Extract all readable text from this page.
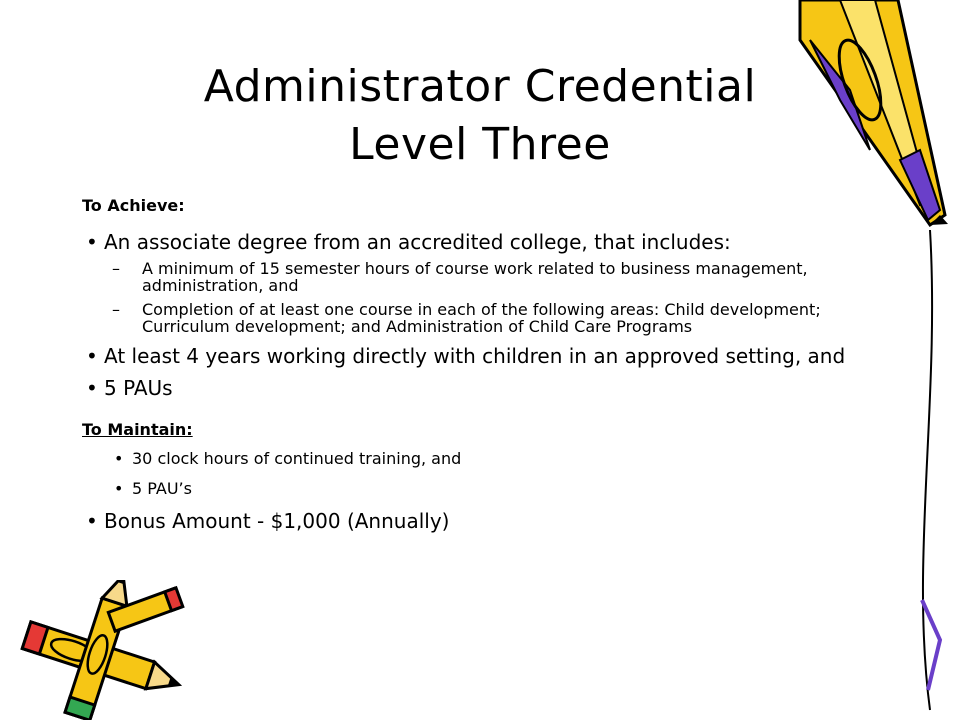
Administrator Credential
Level Three
To Achieve:
• An associate degree from an accredited college, that includes:
– A minimum of 15 semester hours of course work related to business management, administration, and
– Completion of at least one course in each of the following areas: Child development; Curriculum development; and Administration of Child Care Programs
• At least 4 years working directly with children in an approved setting, and
• 5 PAUs
To Maintain:
• 30 clock hours of continued training, and
• 5 PAU’s
• Bonus Amount - $1,000 (Annually)
